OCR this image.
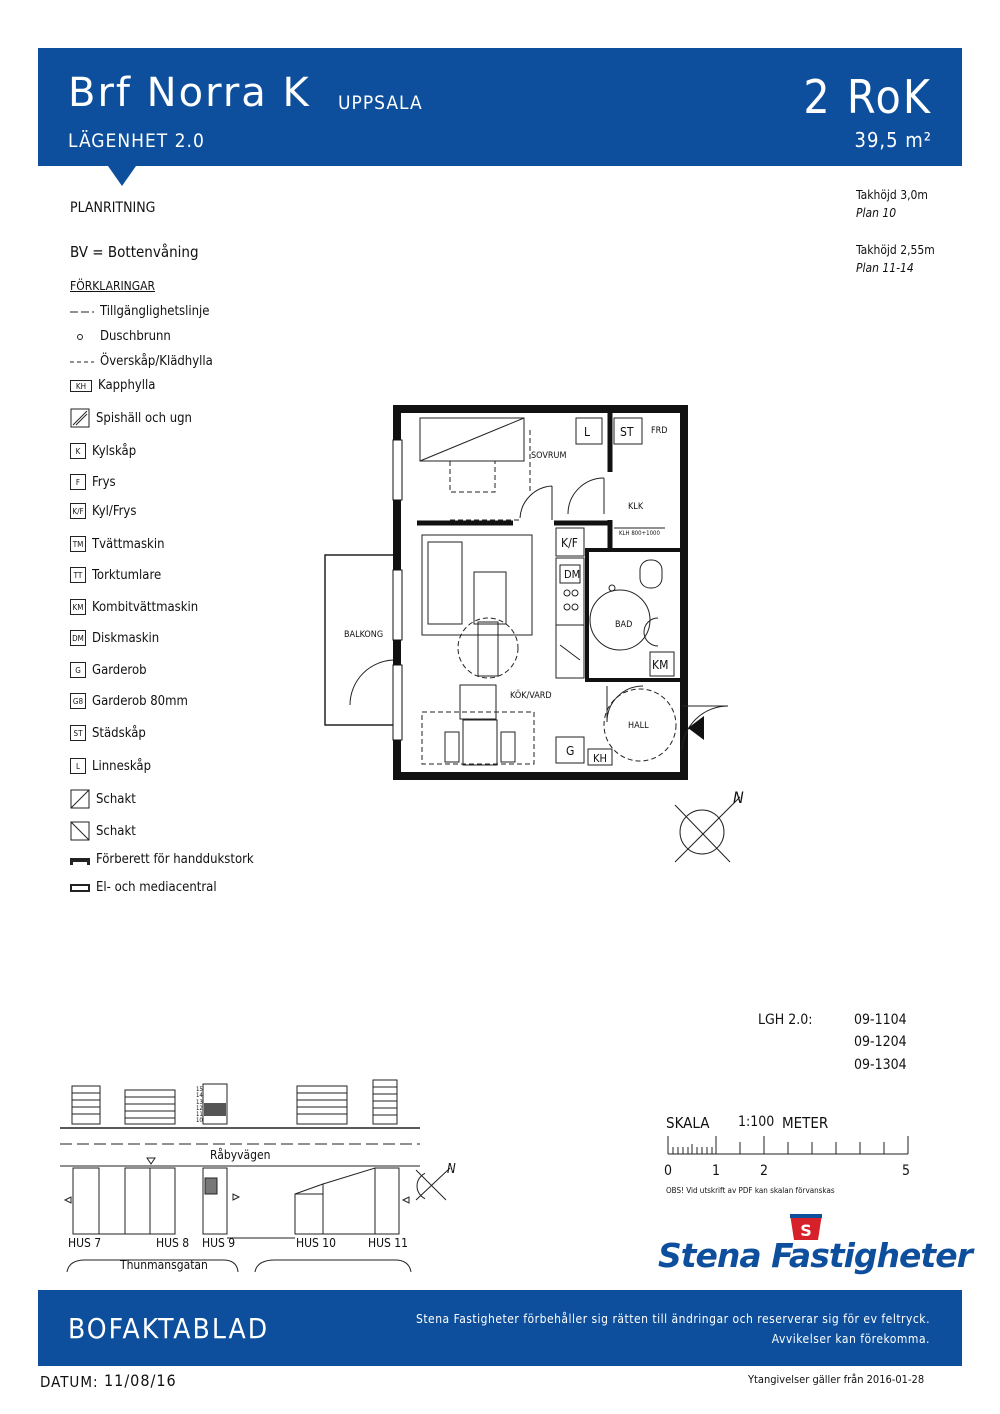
Brf Norra K UPPSALA
LÄGENHET 2.0
2 RoK
39,5 m²
PLANRITNING
BV = Bottenvåning
Takhöjd 3,0m
Plan 10
Takhöjd 2,55m
Plan 11-14
FÖRKLARINGAR
Tillgänglighetslinje
Duschbrunn
Överskåp/Klädhylla
KH Kapphylla
Spishäll och ugn
K Kylskåp
F Frys
K/F Kyl/Frys
TM Tvättmaskin
TT Torktumlare
KM Kombitvättmaskin
DM Diskmaskin
G Garderob
G8 Garderob 80mm
ST Städskåp
L Linneskåp
Schakt
Schakt
Förberett för handdukstork
El- och mediacentral
SOVRUM
KLK
KLH 800+1000
FRD
L ST
K/F
DM
BAD
KM
BALKONG
KÖK/VARD
HALL
G
KH
N
LGH 2.0:	09-1104
09-1204
09-1304
SKALA 1:100 METER
0	1	2	5
OBS! Vid utskrift av PDF kan skalan förvanskas
N
15
14
13
12
11
10
Råbyvägen
Thunmansgatan
HUS 7	HUS 8 HUS 9	HUS 10	HUS 11
S
Stena Fastigheter
BOFAKTABLAD	Stena Fastigheter förbehåller sig rätten till ändringar och reserverar sig för ev feltryck.
Avvikelser kan förekomma.
DATUM: 11/08/16	Ytangivelser gäller från 2016-01-28
